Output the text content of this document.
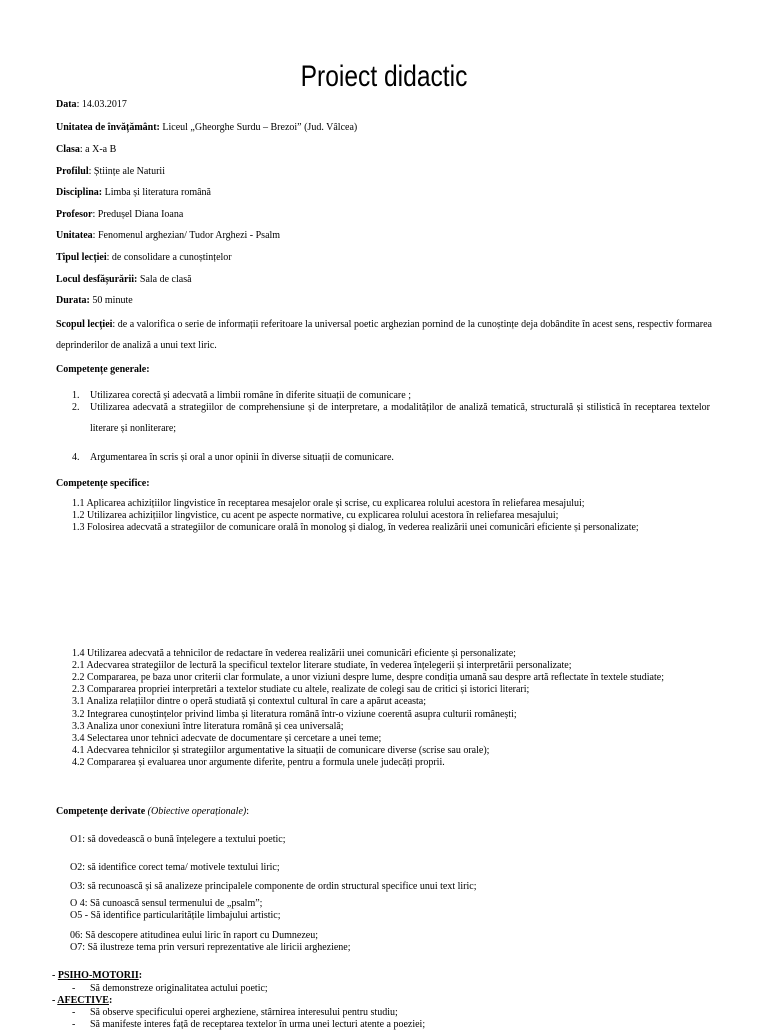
Proiect didactic
Data: 14.03.2017
Unitatea de învățământ: Liceul „Gheorghe Surdu – Brezoi” (Jud. Vâlcea)
Clasa: a X-a B
Profilul: Științe ale Naturii
Disciplina: Limba și literatura română
Profesor: Predușel Diana Ioana
Unitatea: Fenomenul arghezian/ Tudor Arghezi - Psalm
Tipul lecției: de consolidare a cunoștințelor
Locul desfășurării: Sala de clasă
Durata: 50 minute
Scopul lecției: de a valorifica o serie de informații referitoare la universal poetic arghezian pornind de la cunoștințe deja dobândite în acest sens, respectiv formarea deprinderilor de analiză a unui text liric.
Competențe generale:
1. Utilizarea corectă și adecvată a limbii române în diferite situații de comunicare ;
2. Utilizarea adecvată a strategiilor de comprehensiune și de interpretare, a modalităților de analiză tematică, structurală și stilistică în receptarea textelor literare și nonliterare;
4. Argumentarea în scris și oral a unor opinii în diverse situații de comunicare.
Competențe specifice:
1.1 Aplicarea achizițiilor lingvistice în receptarea mesajelor orale și scrise, cu explicarea rolului acestora în reliefarea mesajului;
1.2 Utilizarea achizițiilor lingvistice, cu acent pe aspecte normative, cu explicarea rolului acestora în reliefarea mesajului;
1.3 Folosirea adecvată a strategiilor de comunicare orală în monolog și dialog, în vederea realizării unei comunicări eficiente și personalizate;
1.4 Utilizarea adecvată a tehnicilor de redactare în vederea realizării unei comunicări eficiente și personalizate;
2.1 Adecvarea strategiilor de lectură la specificul textelor literare studiate, în vederea înțelegerii și interpretării personalizate;
2.2 Compararea, pe baza unor criterii clar formulate, a unor viziuni despre lume, despre condiția umană sau despre artă reflectate în textele studiate;
2.3 Compararea propriei interpretări a textelor studiate cu altele, realizate de colegi sau de critici și istorici literari;
3.1 Analiza relațiilor dintre o operă studiată și contextul cultural în care a apărut aceasta;
3.2 Integrarea cunoștințelor privind limba și literatura română într-o viziune coerentă asupra culturii românești;
3.3 Analiza unor conexiuni între literatura română și cea universală;
3.4 Selectarea unor tehnici adecvate de documentare și cercetare a unei teme;
4.1 Adecvarea tehnicilor și strategiilor argumentative la situații de comunicare diverse (scrise sau orale);
4.2 Compararea și evaluarea unor argumente diferite, pentru a formula unele judecăți proprii.
Competențe derivate (Obiective operaționale):
O1: să dovedească o bună înțelegere a textului poetic;
O2: să identifice corect tema/ motivele textului liric;
O3: să recunoască și să analizeze principalele componente de ordin structural specifice unui text liric;
O 4: Să cunoască sensul termenului de „psalm”;
O5 - Să identifice particularitățile limbajului artistic;
06: Să descopere atitudinea eului liric în raport cu Dumnezeu;
O7: Să ilustreze tema prin versuri reprezentative ale liricii argheziene;
- PSIHO-MOTORII:
- Să demonstreze originalitatea actului poetic;
- AFECTIVE:
- Să observe specificului operei argheziene, stârnirea interesului pentru studiu;
- Să manifeste interes față de receptarea textelor în urma unei lecturi atente a poeziei;
